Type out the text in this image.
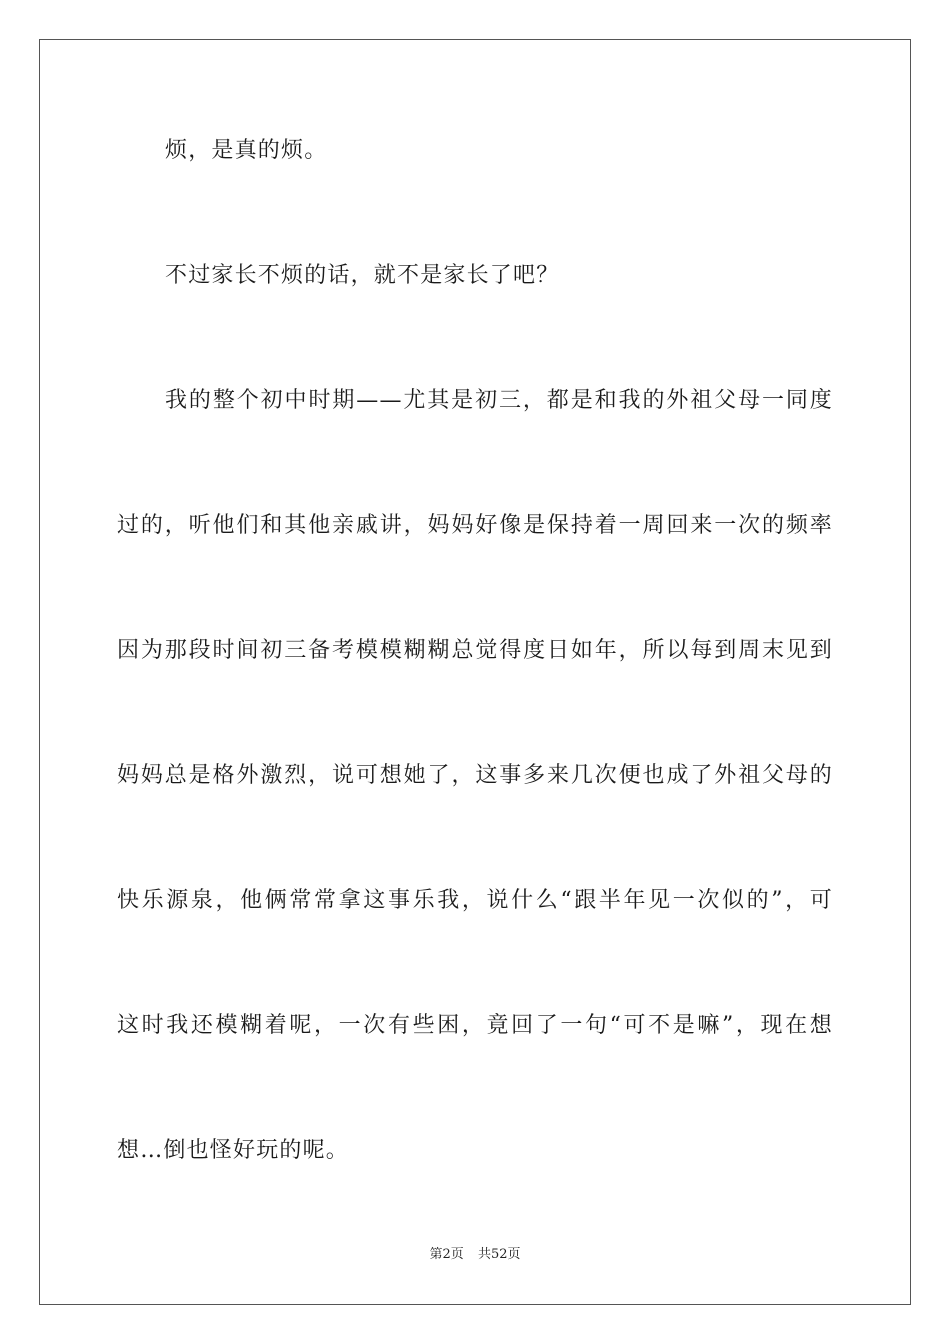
烦，是真的烦。
不过家长不烦的话，就不是家长了吧？
我的整个初中时期——尤其是初三，都是和我的外祖父母一同度
过的，听他们和其他亲戚讲，妈妈好像是保持着一周回来一次的频率
因为那段时间初三备考模模糊糊总觉得度日如年，所以每到周末见到
妈妈总是格外激烈，说可想她了，这事多来几次便也成了外祖父母的
快乐源泉，他俩常常拿这事乐我，说什么“跟半年见一次似的”，可
这时我还模糊着呢，一次有些困，竟回了一句“可不是嘛”，现在想
想…倒也怪好玩的呢。
第2页 共52页
